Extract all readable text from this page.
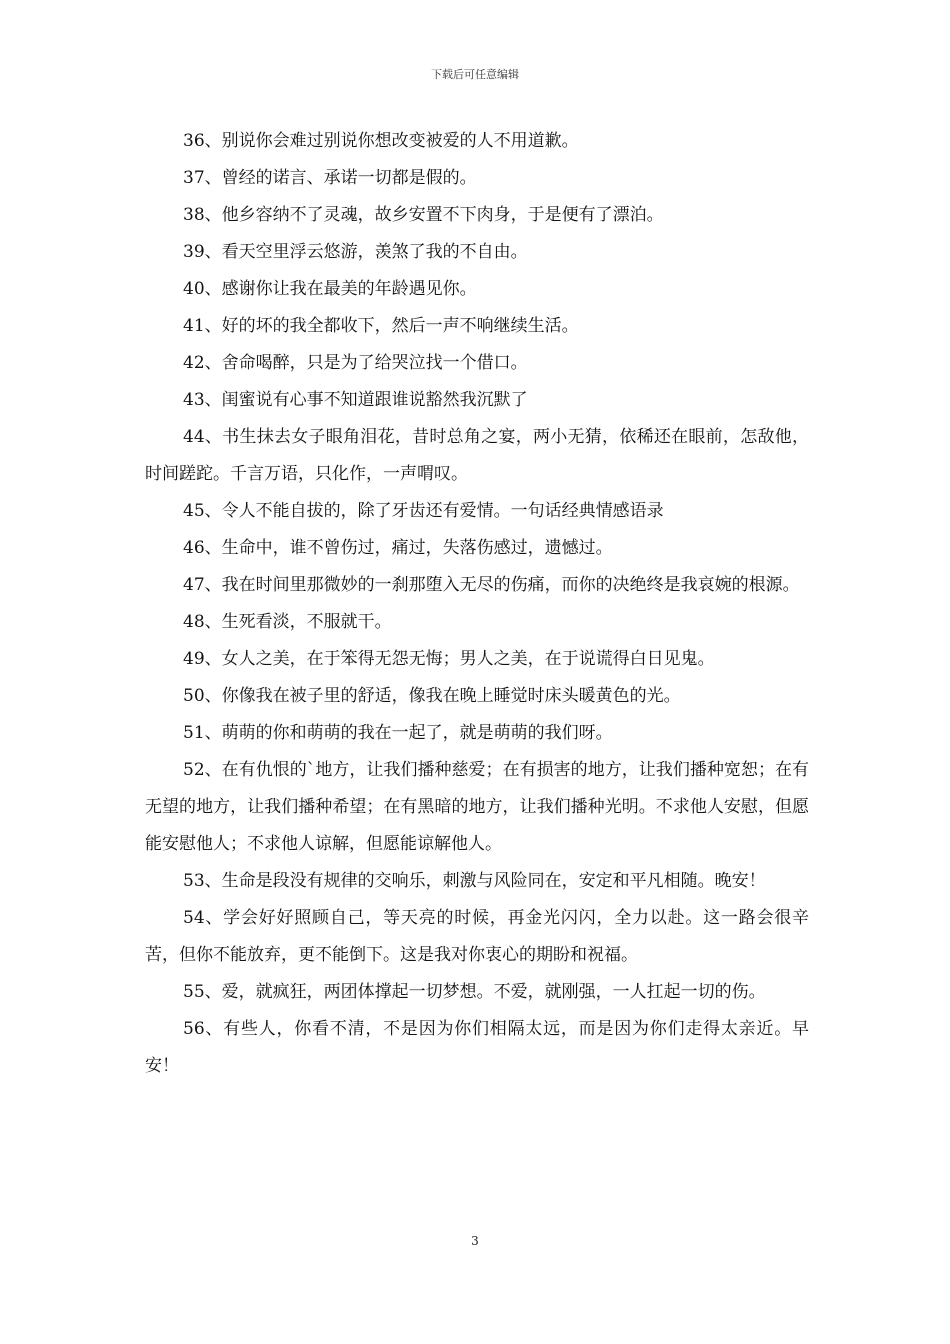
下载后可任意编辑

36、别说你会难过别说你想改变被爱的人不用道歉。

37、曾经的诺言、承诺一切都是假的。

38、他乡容纳不了灵魂，故乡安置不下肉身，于是便有了漂泊。

39、看天空里浮云悠游，羡煞了我的不自由。

40、感谢你让我在最美的年龄遇见你。

41、好的坏的我全都收下，然后一声不响继续生活。

42、舍命喝醉，只是为了给哭泣找一个借口。

43、闺蜜说有心事不知道跟谁说豁然我沉默了

44、书生抹去女子眼角泪花，昔时总角之宴，两小无猜，依稀还在眼前，怎敌他，时间蹉跎。千言万语，只化作，一声喟叹。

45、令人不能自拔的，除了牙齿还有爱情。一句话经典情感语录

46、生命中，谁不曾伤过，痛过，失落伤感过，遗憾过。

47、我在时间里那微妙的一刹那堕入无尽的伤痛，而你的决绝终是我哀婉的根源。

48、生死看淡，不服就干。

49、女人之美，在于笨得无怨无悔；男人之美，在于说谎得白日见鬼。

50、你像我在被子里的舒适，像我在晚上睡觉时床头暖黄色的光。

51、萌萌的你和萌萌的我在一起了，就是萌萌的我们呀。

52、在有仇恨的`地方，让我们播种慈爱；在有损害的地方，让我们播种宽恕；在有无望的地方，让我们播种希望；在有黑暗的地方，让我们播种光明。不求他人安慰，但愿能安慰他人；不求他人谅解，但愿能谅解他人。

53、生命是段没有规律的交响乐，刺激与风险同在，安定和平凡相随。晚安！

54、学会好好照顾自己，等天亮的时候，再金光闪闪，全力以赴。这一路会很辛苦，但你不能放弃，更不能倒下。这是我对你衷心的期盼和祝福。

55、爱，就疯狂，两团体撑起一切梦想。不爱，就刚强，一人扛起一切的伤。

56、有些人，你看不清，不是因为你们相隔太远，而是因为你们走得太亲近。早安！

3
